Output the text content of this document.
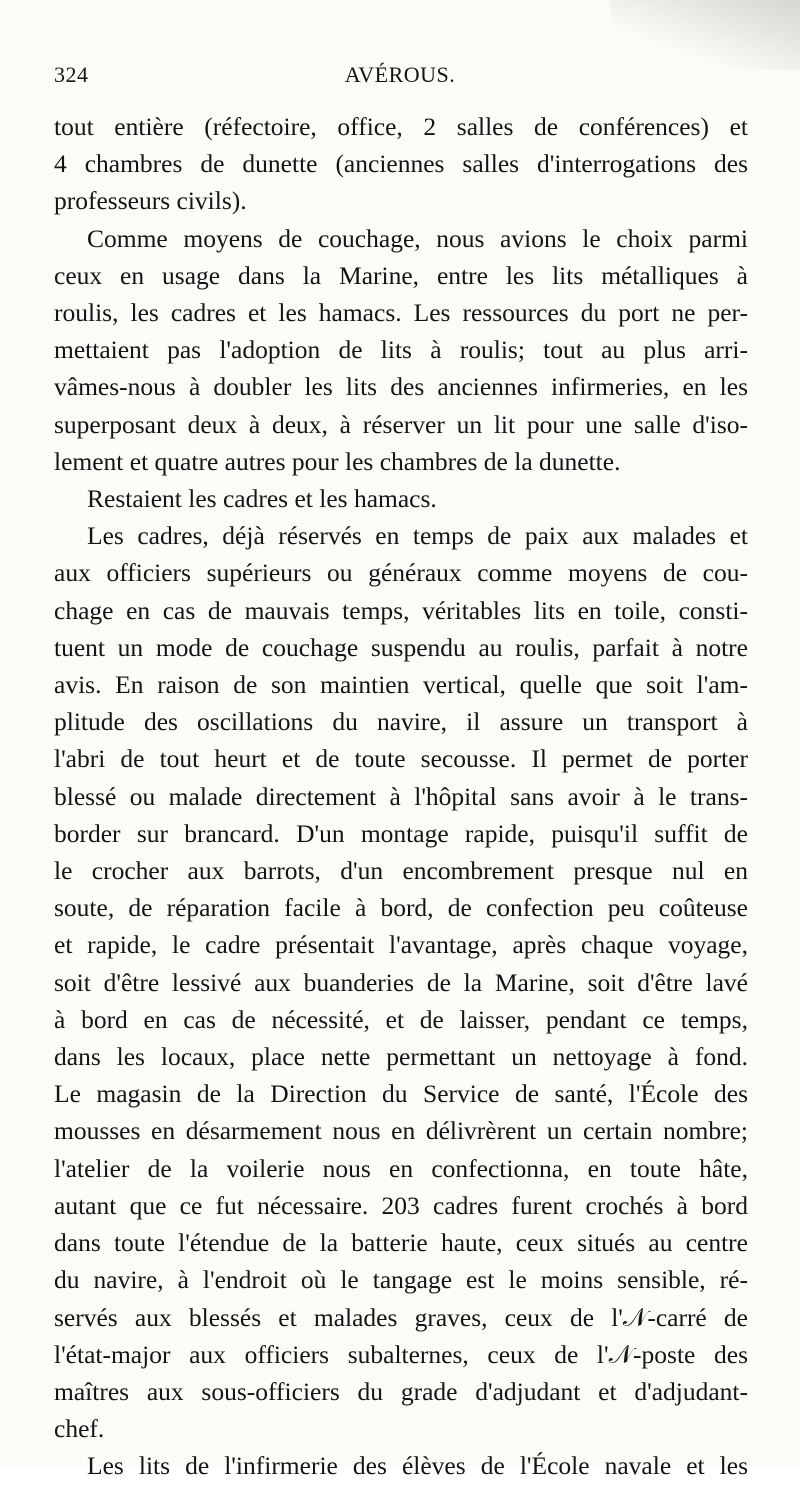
324	AVÉROUS.
tout entière (réfectoire, office, 2 salles de conférences) et
4 chambres de dunette (anciennes salles d'interrogations des
professeurs civils).
Comme moyens de couchage, nous avions le choix parmi
ceux en usage dans la Marine, entre les lits métalliques à
roulis, les cadres et les hamacs. Les ressources du port ne per-
mettaient pas l'adoption de lits à roulis; tout au plus arri-
vâmes-nous à doubler les lits des anciennes infirmeries, en les
superposant deux à deux, à réserver un lit pour une salle d'iso-
lement et quatre autres pour les chambres de la dunette.
Restaient les cadres et les hamacs.
Les cadres, déjà réservés en temps de paix aux malades et
aux officiers supérieurs ou généraux comme moyens de cou-
chage en cas de mauvais temps, véritables lits en toile, consti-
tuent un mode de couchage suspendu au roulis, parfait à notre
avis. En raison de son maintien vertical, quelle que soit l'am-
plitude des oscillations du navire, il assure un transport à
l'abri de tout heurt et de toute secousse. Il permet de porter
blessé ou malade directement à l'hôpital sans avoir à le trans-
border sur brancard. D'un montage rapide, puisqu'il suffit de
le crocher aux barrots, d'un encombrement presque nul en
soute, de réparation facile à bord, de confection peu coûteuse
et rapide, le cadre présentait l'avantage, après chaque voyage,
soit d'être lessivé aux buanderies de la Marine, soit d'être lavé
à bord en cas de nécessité, et de laisser, pendant ce temps,
dans les locaux, place nette permettant un nettoyage à fond.
Le magasin de la Direction du Service de santé, l'École des
mousses en désarmement nous en délivrèrent un certain nombre;
l'atelier de la voilerie nous en confectionna, en toute hâte,
autant que ce fut nécessaire. 203 cadres furent crochés à bord
dans toute l'étendue de la batterie haute, ceux situés au centre
du navire, à l'endroit où le tangage est le moins sensible, ré-
servés aux blessés et malades graves, ceux de l'𝒩-carré de
l'état-major aux officiers subalternes, ceux de l'𝒩-poste des
maîtres aux sous-officiers du grade d'adjudant et d'adjudant-
chef.
Les lits de l'infirmerie des élèves de l'École navale et les
